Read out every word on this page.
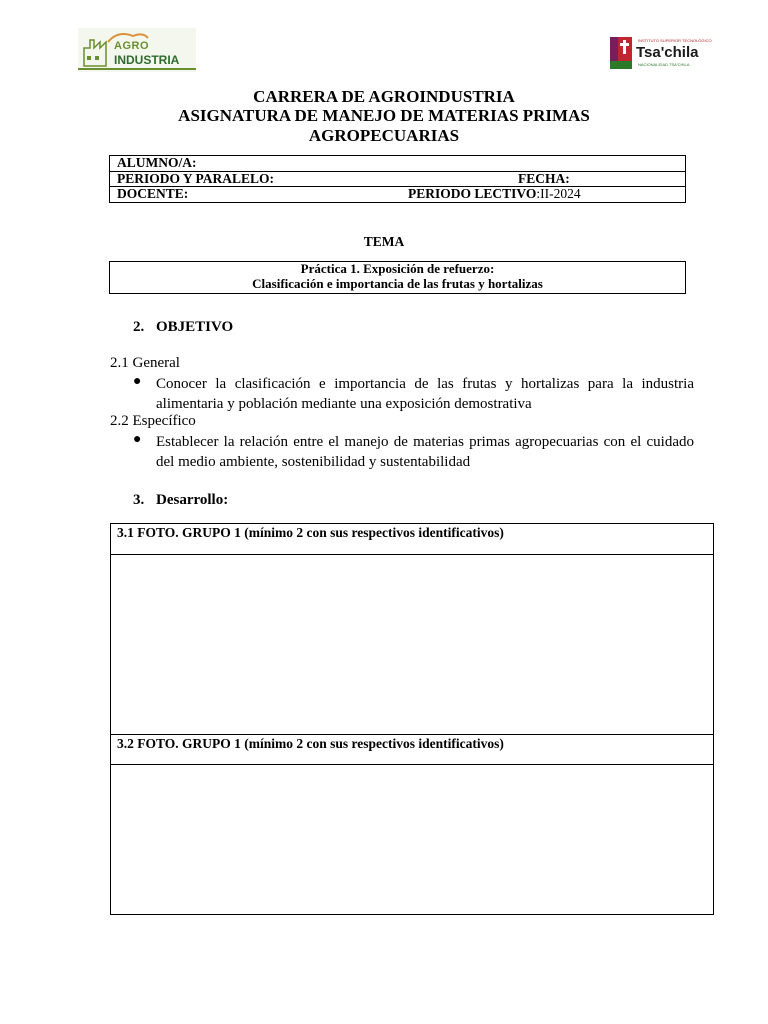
AGRO
INDUSTRIA
INSTITUTO SUPERIOR TECNOLÓGICO
Tsa'chila
NACIONALIDAD TSA'CHILA
CARRERA DE AGROINDUSTRIA
ASIGNATURA DE MANEJO DE MATERIAS PRIMAS
AGROPECUARIAS
ALUMNO/A:
PERIODO Y PARALELO:	FECHA:

DOCENTE:	PERIODO LECTIVO:II-2024
TEMA
Práctica 1. Exposición de refuerzo:
Clasificación e importancia de las frutas y hortalizas
2. OBJETIVO
2.1 General
● Conocer la clasificación e importancia de las frutas y hortalizas para la industria
alimentaria y población mediante una exposición demostrativa
2.2 Específico
● Establecer la relación entre el manejo de materias primas agropecuarias con el cuidado
del medio ambiente, sostenibilidad y sustentabilidad
3. Desarrollo:
3.1 FOTO. GRUPO 1 (mínimo 2 con sus respectivos identificativos)
3.2 FOTO. GRUPO 1 (mínimo 2 con sus respectivos identificativos)
